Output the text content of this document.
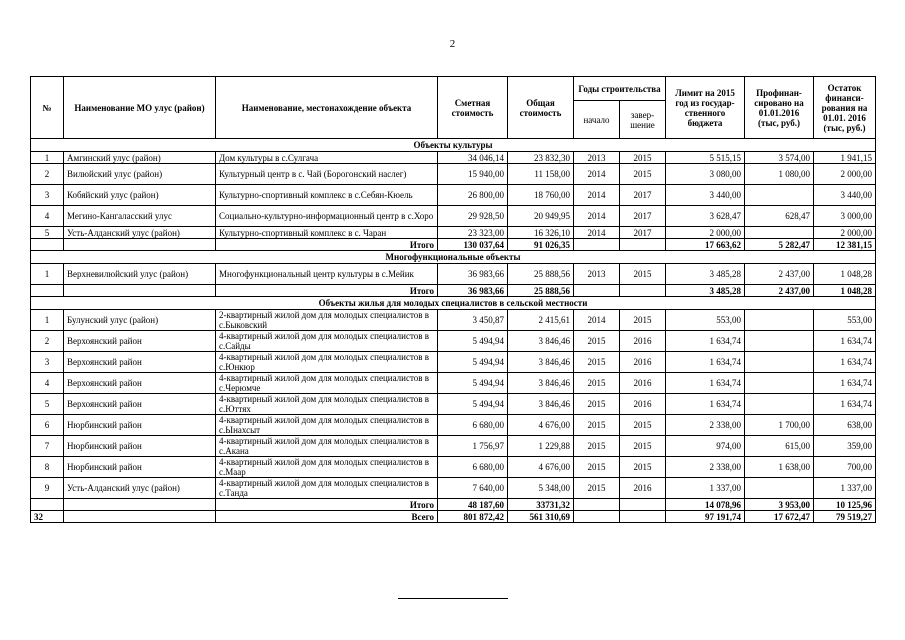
2
№	Наименование МО улус (район)	Наименование, местонахождение объекта	Сметная стоимость	Общая стоимость	Годы строительства		Лимит на 2015 год из государ-ственного бюджета	Профинан-сировано на 01.01.2016 (тыс, руб.)	Остаток финанси-рования на 01.01. 2016 (тыс, руб.)
					начало	завер-шение			
Объекты культуры									
1	Амгинский улус (район)	Дом культуры в с.Сулгача	34 046,14	23 832,30	2013	2015	5 515,15	3 574,00	1 941,15
2	Вилюйский улус (район)	Культурный центр в с. Чай (Борогонский наслег)	15 940,00	11 158,00	2014	2015	3 080,00	1 080,00	2 000,00
3	Кобяйский улус (район)	Культурно-спортивный комплекс в с.Себян-Кюель	26 800,00	18 760,00	2014	2017	3 440,00		3 440,00
4	Мегино-Кангаласский улус	Социально-культурно-информационный центр в с.Хоро	29 928,50	20 949,95	2014	2017	3 628,47	628,47	3 000,00
5	Усть-Алданский улус (район)	Культурно-спортивный комплекс в с. Чаран	23 323,00	16 326,10	2014	2017	2 000,00		2 000,00
		Итого	130 037,64	91 026,35			17 663,62	5 282,47	12 381,15
Многофункциональные объекты									
1	Верхневилюйский улус (район)	Многофункциональный центр культуры в с.Мейик	36 983,66	25 888,56	2013	2015	3 485,28	2 437,00	1 048,28
		Итого	36 983,66	25 888,56			3 485,28	2 437,00	1 048,28
Объекты жилья для молодых специалистов в сельской местности									
1	Булунский улус (район)	2-квартирный жилой дом для молодых специалистов в с.Быковский	3 450,87	2 415,61	2014	2015	553,00		553,00
2	Верхоянский район	4-квартирный жилой дом для молодых специалистов в с.Сайды	5 494,94	3 846,46	2015	2016	1 634,74		1 634,74
3	Верхоянский район	4-квартирный жилой дом для молодых специалистов в с.Юнкюр	5 494,94	3 846,46	2015	2016	1 634,74		1 634,74
4	Верхоянский район	4-квартирный жилой дом для молодых специалистов в с.Черюмче	5 494,94	3 846,46	2015	2016	1 634,74		1 634,74
5	Верхоянский район	4-квартирный жилой дом для молодых специалистов в с.Юттях	5 494,94	3 846,46	2015	2016	1 634,74		1 634,74
6	Нюрбинский район	4-квартирный жилой дом для молодых специалистов в с.Ынахсыт	6 680,00	4 676,00	2015	2015	2 338,00	1 700,00	638,00
7	Нюрбинский район	4-квартирный жилой дом для молодых специалистов в с.Акана	1 756,97	1 229,88	2015	2015	974,00	615,00	359,00
8	Нюрбинский район	4-квартирный жилой дом для молодых специалистов в с.Мааp	6 680,00	4 676,00	2015	2015	2 338,00	1 638,00	700,00
9	Усть-Алданский улус (район)	4-квартирный жилой дом для молодых специалистов в с.Танда	7 640,00	5 348,00	2015	2016	1 337,00		1 337,00
		Итого	48 187,60	33731,32			14 078,96	3 953,00	10 125,96
32		Всего	801 872,42	561 310,69			97 191,74	17 672,47	79 519,27
